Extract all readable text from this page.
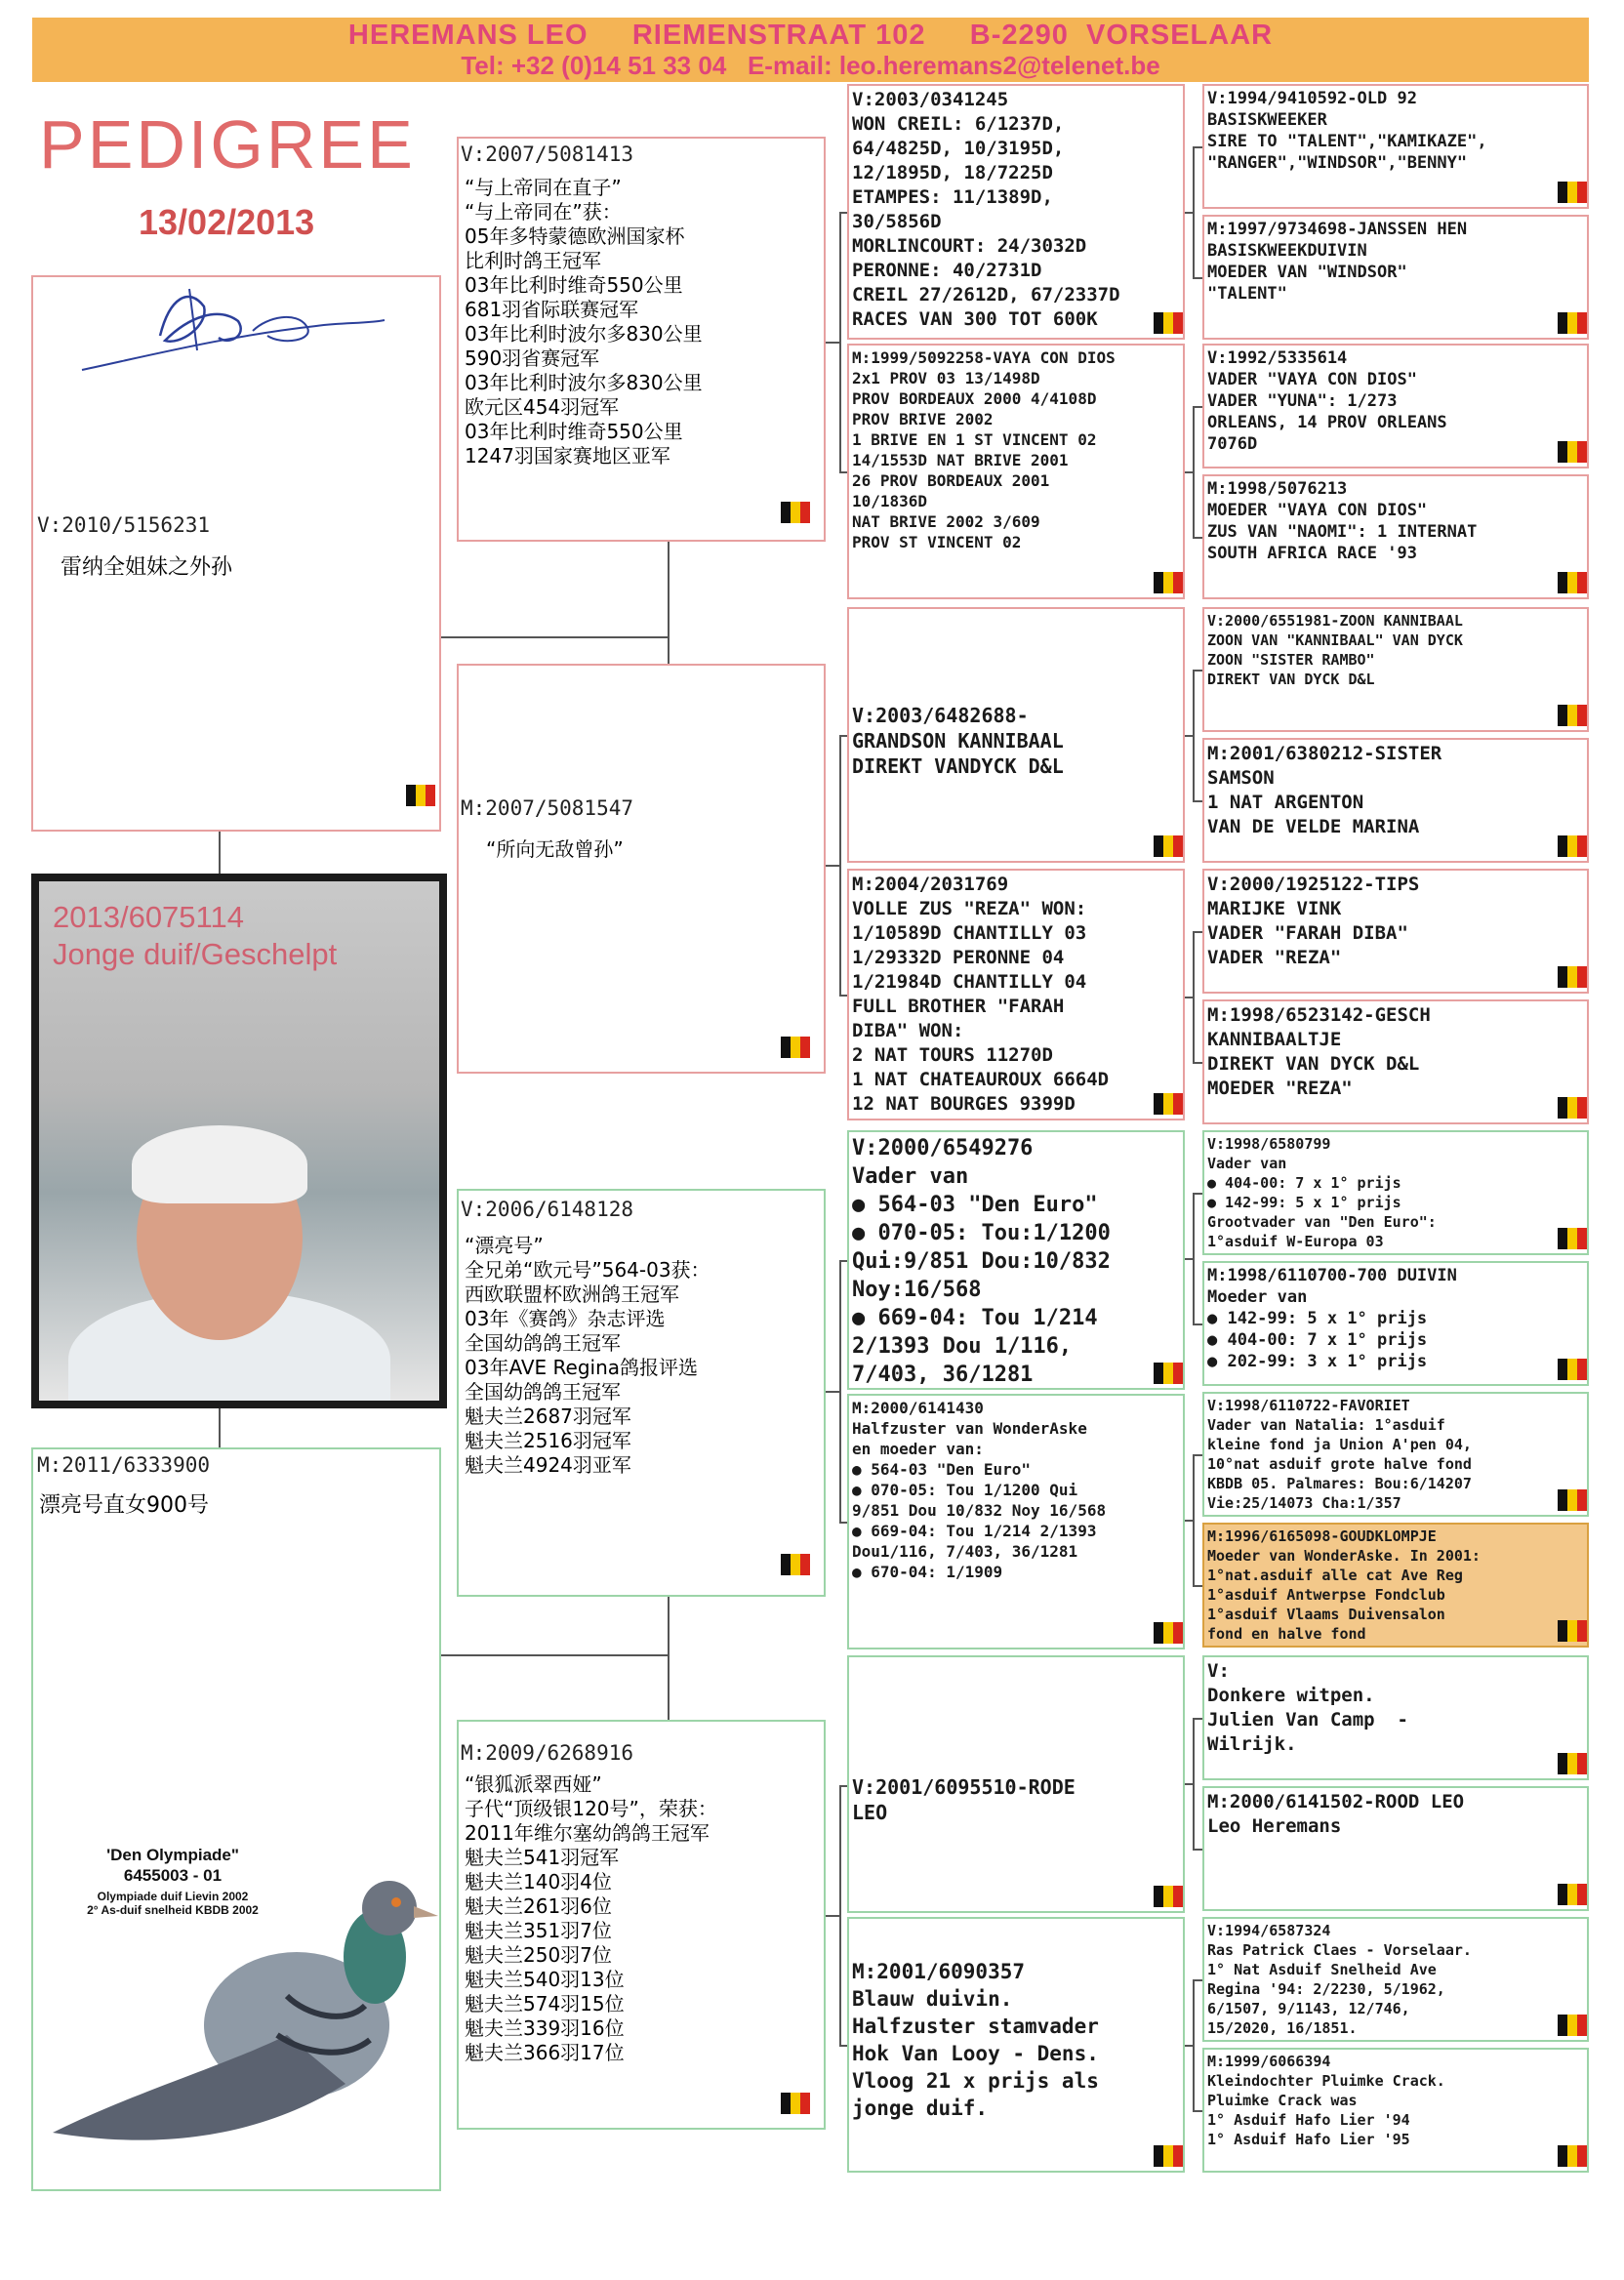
HEREMANS LEO     RIEMENSTRAAT 102     B-2290  VORSELAAR
Tel: +32 (0)14 51 33 04   E-mail: leo.heremans2@telenet.be
PEDIGREE
13/02/2013
V:2010/5156231
雷纳全姐妹之外孙
2013/6075114
Jonge duif/Geschelpt
M:2011/6333900
漂亮号直女900号
'Den Olympiade"
6455003 - 01
Olympiade duif Lievin 2002
2° As-duif snelheid KBDB 2002
V:2007/5081413
“与上帝同在直子”
“与上帝同在”获：
05年多特蒙德欧洲国家杯
比利时鸽王冠军
03年比利时维奇550公里
681羽省际联赛冠军
03年比利时波尔多830公里
590羽省赛冠军
03年比利时波尔多830公里
欧元区454羽冠军
03年比利时维奇550公里
1247羽国家赛地区亚军
M:2007/5081547
“所向无敌曾孙”
V:2006/6148128
“漂亮号”
全兄弟“欧元号”564-03获：
西欧联盟杯欧洲鸽王冠军
03年《赛鸽》杂志评选
全国幼鸽鸽王冠军
03年AVE Regina鸽报评选
全国幼鸽鸽王冠军
魁夫兰2687羽冠军
魁夫兰2516羽冠军
魁夫兰4924羽亚军
M:2009/6268916
“银狐派翠西娅”
子代“顶级银120号”，荣获：
2011年维尔塞幼鸽鸽王冠军
魁夫兰541羽冠军
魁夫兰140羽4位
魁夫兰261羽6位
魁夫兰351羽7位
魁夫兰250羽7位
魁夫兰540羽13位
魁夫兰574羽15位
魁夫兰339羽16位
魁夫兰366羽17位
V:2003/0341245
WON CREIL: 6/1237D,
64/4825D, 10/3195D,
12/1895D, 18/7225D
ETAMPES: 11/1389D,
30/5856D
MORLINCOURT: 24/3032D
PERONNE: 40/2731D
CREIL 27/2612D, 67/2337D
RACES VAN 300 TOT 600K
M:1999/5092258-VAYA CON DIOS
2x1 PROV 03 13/1498D
PROV BORDEAUX 2000 4/4108D
PROV BRIVE 2002
1 BRIVE EN 1 ST VINCENT 02
14/1553D NAT BRIVE 2001
26 PROV BORDEAUX 2001
10/1836D
NAT BRIVE 2002 3/609
PROV ST VINCENT 02
V:2003/6482688-
GRANDSON KANNIBAAL
DIREKT VANDYCK D&L
M:2004/2031769
VOLLE ZUS "REZA" WON:
1/10589D CHANTILLY 03
1/29332D PERONNE 04
1/21984D CHANTILLY 04
FULL BROTHER "FARAH
DIBA" WON:
2 NAT TOURS 11270D
1 NAT CHATEAUROUX 6664D
12 NAT BOURGES 9399D
V:2000/6549276
Vader van
● 564-03 "Den Euro"
● 070-05: Tou:1/1200
Qui:9/851 Dou:10/832
Noy:16/568
● 669-04: Tou 1/214
2/1393 Dou 1/116,
7/403, 36/1281
M:2000/6141430
Halfzuster van WonderAske
en moeder van:
● 564-03 "Den Euro"
● 070-05: Tou 1/1200 Qui
9/851 Dou 10/832 Noy 16/568
● 669-04: Tou 1/214 2/1393
Dou1/116, 7/403, 36/1281
● 670-04: 1/1909
V:2001/6095510-RODE
LEO
M:2001/6090357
Blauw duivin.
Halfzuster stamvader
Hok Van Looy - Dens.
Vloog 21 x prijs als
jonge duif.
V:1994/9410592-OLD 92
BASISKWEEKER
SIRE TO "TALENT","KAMIKAZE",
"RANGER","WINDSOR","BENNY"
M:1997/9734698-JANSSEN HEN
BASISKWEEKDUIVIN
MOEDER VAN "WINDSOR"
"TALENT"
V:1992/5335614
VADER "VAYA CON DIOS"
VADER "YUNA": 1/273
ORLEANS, 14 PROV ORLEANS
7076D
M:1998/5076213
MOEDER "VAYA CON DIOS"
ZUS VAN "NAOMI": 1 INTERNAT
SOUTH AFRICA RACE '93
V:2000/6551981-ZOON KANNIBAAL
ZOON VAN "KANNIBAAL" VAN DYCK
ZOON "SISTER RAMBO"
DIREKT VAN DYCK D&L
M:2001/6380212-SISTER
SAMSON
1 NAT ARGENTON
VAN DE VELDE MARINA
V:2000/1925122-TIPS
MARIJKE VINK
VADER "FARAH DIBA"
VADER "REZA"
M:1998/6523142-GESCH
KANNIBAALTJE
DIREKT VAN DYCK D&L
MOEDER "REZA"
V:1998/6580799
Vader van
● 404-00: 7 x 1° prijs
● 142-99: 5 x 1° prijs
Grootvader van "Den Euro":
1°asduif W-Europa 03
M:1998/6110700-700 DUIVIN
Moeder van
● 142-99: 5 x 1° prijs
● 404-00: 7 x 1° prijs
● 202-99: 3 x 1° prijs
V:1998/6110722-FAVORIET
Vader van Natalia: 1°asduif
kleine fond ja Union A'pen 04,
10°nat asduif grote halve fond
KBDB 05. Palmares: Bou:6/14207
Vie:25/14073 Cha:1/357
M:1996/6165098-GOUDKLOMPJE
Moeder van WonderAske. In 2001:
1°nat.asduif alle cat Ave Reg
1°asduif Antwerpse Fondclub
1°asduif Vlaams Duivensalon
fond en halve fond
V:
Donkere witpen.
Julien Van Camp  -
Wilrijk.
M:2000/6141502-ROOD LEO
Leo Heremans
V:1994/6587324
Ras Patrick Claes - Vorselaar.
1° Nat Asduif Snelheid Ave
Regina '94: 2/2230, 5/1962,
6/1507, 9/1143, 12/746,
15/2020, 16/1851.
M:1999/6066394
Kleindochter Pluimke Crack.
Pluimke Crack was
1° Asduif Hafo Lier '94
1° Asduif Hafo Lier '95
